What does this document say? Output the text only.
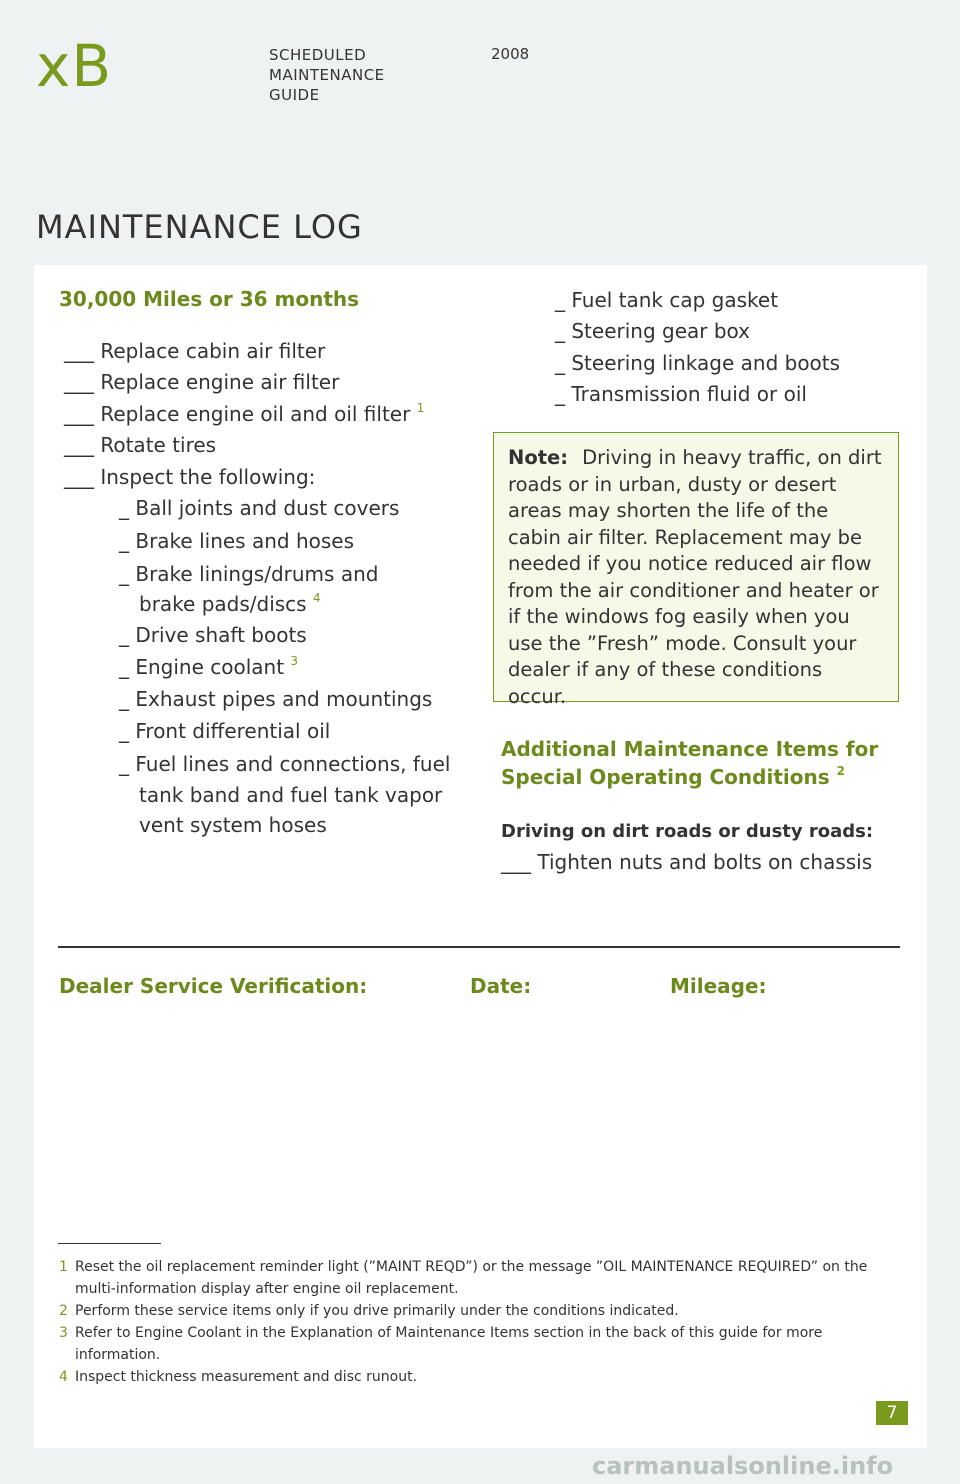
xB	SCHEDULED
MAINTENANCE
GUIDE
2008
MAINTENANCE LOG
30,000 Miles or 36 months
___ Replace cabin air filter
___ Replace engine air filter
___ Replace engine oil and oil filter $^1$
___ Rotate tires
___ Inspect the following:
_ Ball joints and dust covers
_ Brake lines and hoses
_ Brake linings/drums and
brake pads/discs $^4$
_ Drive shaft boots
_ Engine coolant $^3$
_ Exhaust pipes and mountings
_ Front differential oil
_ Fuel lines and connections, fuel
tank band and fuel tank vapor
vent system hoses
_ Fuel tank cap gasket
_ Steering gear box
_ Steering linkage and boots
_ Transmission fluid or oil
Note: Driving in heavy traffic, on dirt roads or in urban, dusty or desert areas may shorten the life of the cabin air filter. Replacement may be needed if you notice reduced air flow from the air conditioner and heater or if the windows fog easily when you use the ”Fresh” mode. Consult your dealer if any of these conditions occur.
Additional Maintenance Items for
Special Operating Conditions $^2$
Driving on dirt roads or dusty roads:
___ Tighten nuts and bolts on chassis
Dealer Service Verification:	Date:	Mileage:
1 Reset the oil replacement reminder light (”MAINT REQD”) or the message ”OIL MAINTENANCE REQUIRED” on the multi-information display after engine oil replacement.
2 Perform these service items only if you drive primarily under the conditions indicated.
3 Refer to Engine Coolant in the Explanation of Maintenance Items section in the back of this guide for more information.
4 Inspect thickness measurement and disc runout.
7
carmanualsonline.info
